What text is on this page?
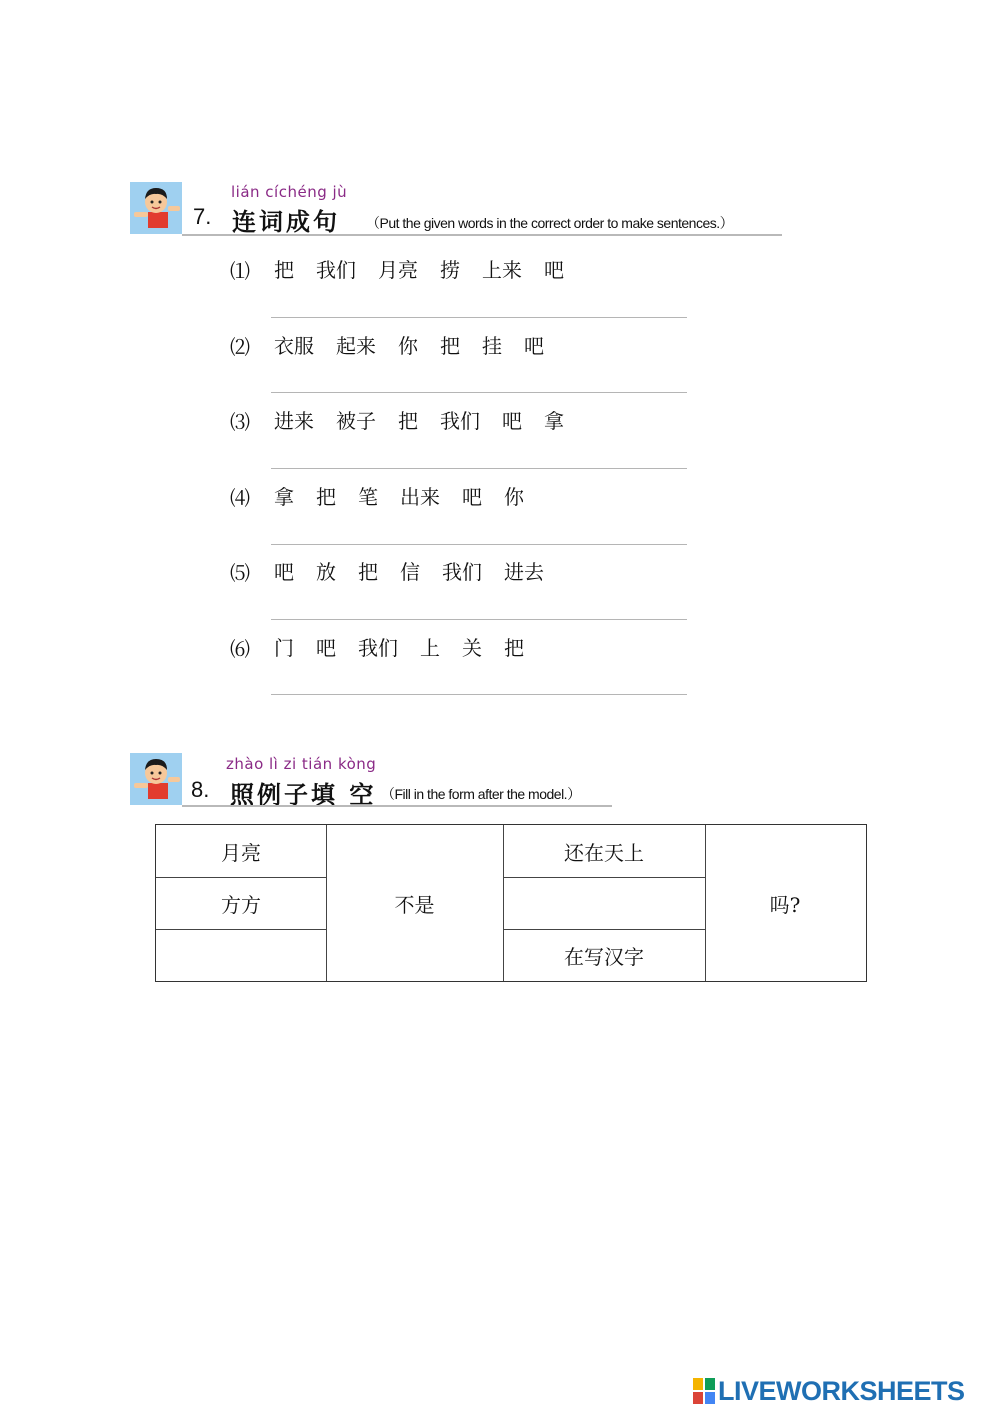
lián cíchéng jù
7. 连词成句 （Put the given words in the correct order to make sentences.）
⑴ 把 我们 月亮 捞 上来 吧
⑵ 衣服 起来 你 把 挂 吧
⑶ 进来 被子 把 我们 吧 拿
⑷ 拿 把 笔 出来 吧 你
⑸ 吧 放 把 信 我们 进去
⑹ 门 吧 我们 上 关 把
zhào lì zi tián kòng
8. 照例子填 空 （Fill in the form after the model.）
月亮
方方	不是
还在天上
在写汉字
吗?
LIVEWORKSHEETS
